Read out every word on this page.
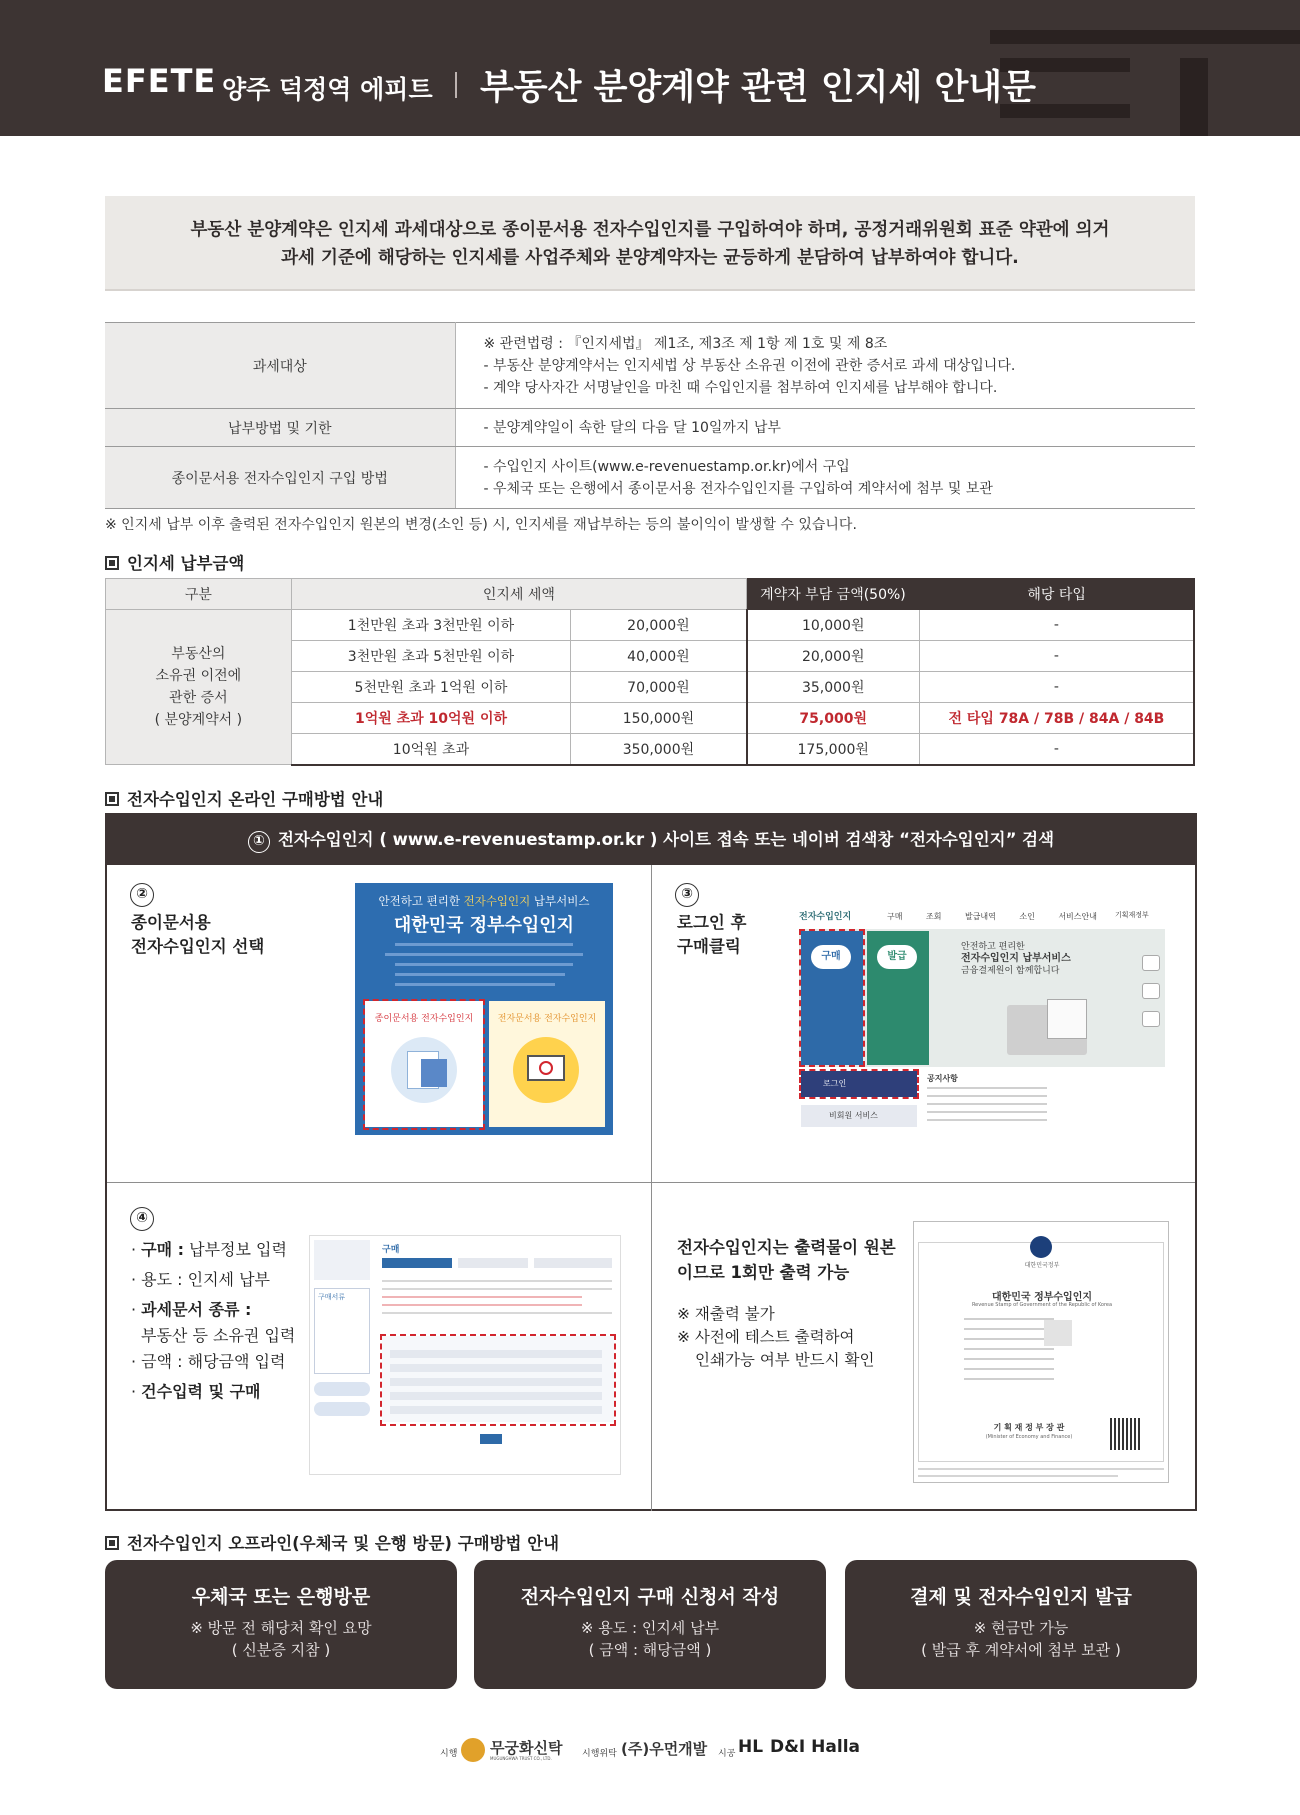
EFETE 양주 덕정역 에피트 부동산 분양계약 관련 인지세 안내문
부동산 분양계약은 인지세 과세대상으로 종이문서용 전자수입인지를 구입하여야 하며, 공정거래위원회 표준 약관에 의거
과세 기준에 해당하는 인지세를 사업주체와 분양계약자는 균등하게 분담하여 납부하여야 합니다.
과세대상	※ 관련법령 : 『인지세법』 제1조, 제3조 제 1항 제 1호 및 제 8조
- 부동산 분양계약서는 인지세법 상 부동산 소유권 이전에 관한 증서로 과세 대상입니다.
- 계약 당사자간 서명날인을 마친 때 수입인지를 첨부하여 인지세를 납부해야 합니다.

납부방법 및 기한	- 분양계약일이 속한 달의 다음 달 10일까지 납부

종이문서용 전자수입인지 구입 방법	- 수입인지 사이트(www.e-revenuestamp.or.kr)에서 구입
- 우체국 또는 은행에서 종이문서용 전자수입인지를 구입하여 계약서에 첨부 및 보관
※ 인지세 납부 이후 출력된 전자수입인지 원본의 변경(소인 등) 시, 인지세를 재납부하는 등의 불이익이 발생할 수 있습니다.
인지세 납부금액
구분	인지세 세액		계약자 부담 금액(50%)	해당 타입

부동산의
소유권 이전에
관한 증서
( 분양계약서 )	1천만원 초과 3천만원 이하	20,000원	10,000원	-
	3천만원 초과 5천만원 이하	40,000원	20,000원	-
	5천만원 초과 1억원 이하	70,000원	35,000원	-
	1억원 초과 10억원 이하	150,000원	75,000원	전 타입 78A / 78B / 84A / 84B
	10억원 초과	350,000원	175,000원	-
전자수입인지 온라인 구매방법 안내
① 전자수입인지 ( www.e-revenuestamp.or.kr ) 사이트 접속 또는 네이버 검색창 “전자수입인지” 검색
②
종이문서용
전자수입인지 선택
안전하고 편리한 전자수입인지 납부서비스
대한민국 정부수입인지
종이문서용 전자수입인지	전자문서용 전자수입인지
③
로그인 후
구매클릭
전자수입인지	구매	조회	발급내역	소인	서비스안내	기획재정부
구매	발급
안전하고 편리한
전자수입인지 납부서비스
금융결제원이 함께합니다
로그인
비회원 서비스
공지사항
④
· 구매 : 납부정보 입력
· 용도 : 인지세 납부
· 과세문서 종류 :
부동산 등 소유권 입력
· 금액 : 해당금액 입력
· 건수입력 및 구매
구매서류
구매	전자수입인지는 출력물이 원본
이므로 1회만 출력 가능
※ 재출력 불가
※ 사전에 테스트 출력하여
인쇄가능 여부 반드시 확인
대한민국정부
대한민국 정부수입인지
Revenue Stamp of Government of the Republic of Korea
기 획 재 정 부 장 관
(Minister of Economy and Finance)
전자수입인지 오프라인(우체국 및 은행 방문) 구매방법 안내
우체국 또는 은행방문
※ 방문 전 해당처 확인 요망
( 신분증 지참 )
전자수입인지 구매 신청서 작성
※ 용도 : 인지세 납부
( 금액 : 해당금액 )
결제 및 전자수입인지 발급
※ 현금만 가능
( 발급 후 계약서에 첨부 보관 )
시행 무궁화신탁
MUGUNGHWA TRUST CO., LTD.	시행위탁 (주)우먼개발 시공 HL D&I Halla
